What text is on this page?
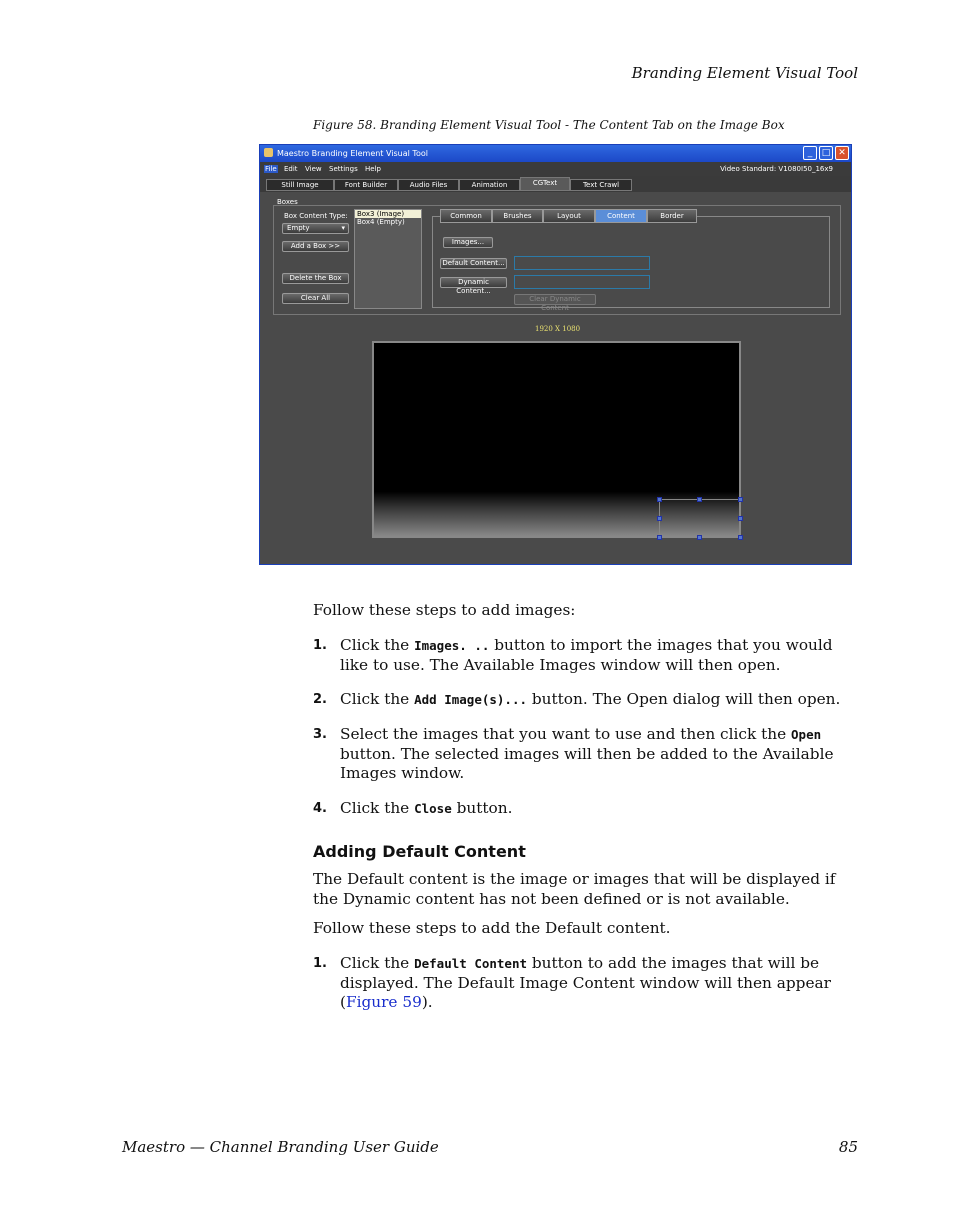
Branding Element Visual Tool
Figure 58. Branding Element Visual Tool - The Content Tab on the Image Box
Maestro Branding Element Visual Tool	_	□ ✕
File Edit View Settings Help	Video Standard: V1080I50_16x9
Still Image	Font Builder	Audio Files	Animation	CGText	Text Crawl
Boxes
Box Content Type:
Empty	▾
Add a Box >>
Delete the Box
Clear All
Box3 (Image)
Box4 (Empty)
Common	Brushes	Layout	Content	Border
Images...
Default Content...
Dynamic Content...
Clear Dynamic Content
1920 X 1080
Follow these steps to add images:
1. Click the Images. .. button to import the images that you would like to use. The Available Images window will then open.
2. Click the Add Image(s)... button. The Open dialog will then open.
3. Select the images that you want to use and then click the Open button. The selected images will then be added to the Available Images window.
4. Click the Close button.
Adding Default Content
The Default content is the image or images that will be displayed if the Dynamic content has not been defined or is not available.
Follow these steps to add the Default content.
1. Click the Default Content button to add the images that will be displayed. The Default Image Content window will then appear (Figure 59).
Maestro — Channel Branding User Guide	85
